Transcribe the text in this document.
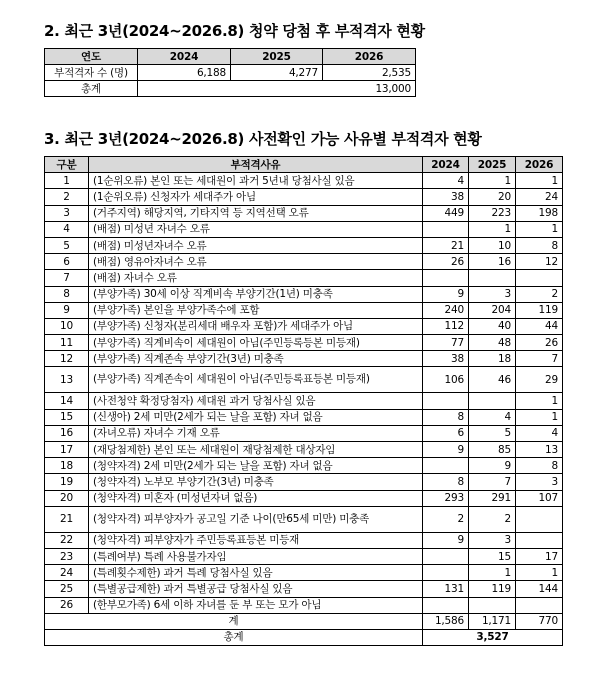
2. 최근 3년(2024~2026.8) 청약 당첨 후 부적격자 현황
연도	2024	2025	2026
부적격자 수 (명)	6,188	4,277	2,535
총계	13,000		
3. 최근 3년(2024~2026.8) 사전확인 가능 사유별 부적격자 현황
구분	부적격사유	2024	2025	2026
1	(1순위오류) 본인 또는 세대원이 과거 5년내 당첨사실 있음	4	1	1
2	(1순위오류) 신청자가 세대주가 아님	38	20	24
3	(거주지역) 해당지역, 기타지역 등 지역선택 오류	449	223	198
4	(배점) 미성년 자녀수 오류		1	1
5	(배점) 미성년자녀수 오류	21	10	8
6	(배점) 영유아자녀수 오류	26	16	12
7	(배점) 자녀수 오류			
8	(부양가족) 30세 이상 직계비속 부양기간(1년) 미충족	9	3	2
9	(부양가족) 본인을 부양가족수에 포함	240	204	119
10	(부양가족) 신청자(분리세대 배우자 포함)가 세대주가 아님	112	40	44
11	(부양가족) 직계비속이 세대원이 아님(주민등록등본 미등재)	77	48	26
12	(부양가족) 직계존속 부양기간(3년) 미충족	38	18	7
13	(부양가족) 직계존속이 세대원이 아님(주민등록표등본 미등재)	106	46	29
14	(사전청약 확정당첨자) 세대원 과거 당첨사실 있음			1
15	(신생아) 2세 미만(2세가 되는 날을 포함) 자녀 없음	8	4	1
16	(자녀오류) 자녀수 기재 오류	6	5	4
17	(재당첨제한) 본인 또는 세대원이 재당첨제한 대상자임	9	85	13
18	(청약자격) 2세 미만(2세가 되는 날을 포함) 자녀 없음		9	8
19	(청약자격) 노부모 부양기간(3년) 미충족	8	7	3
20	(청약자격) 미혼자 (미성년자녀 없음)	293	291	107
21	(청약자격) 피부양자가 공고일 기준 나이(만65세 미만) 미충족	2	2	
22	(청약자격) 피부양자가 주민등록표등본 미등재	9	3	
23	(특례여부) 특례 사용불가자임		15	17
24	(특례횟수제한) 과거 특례 당첨사실 있음		1	1
25	(특별공급제한) 과거 특별공급 당첨사실 있음	131	119	144
26	(한부모가족) 6세 이하 자녀를 둔 부 또는 모가 아님			
계		1,586	1,171	770
총계		3,527		
